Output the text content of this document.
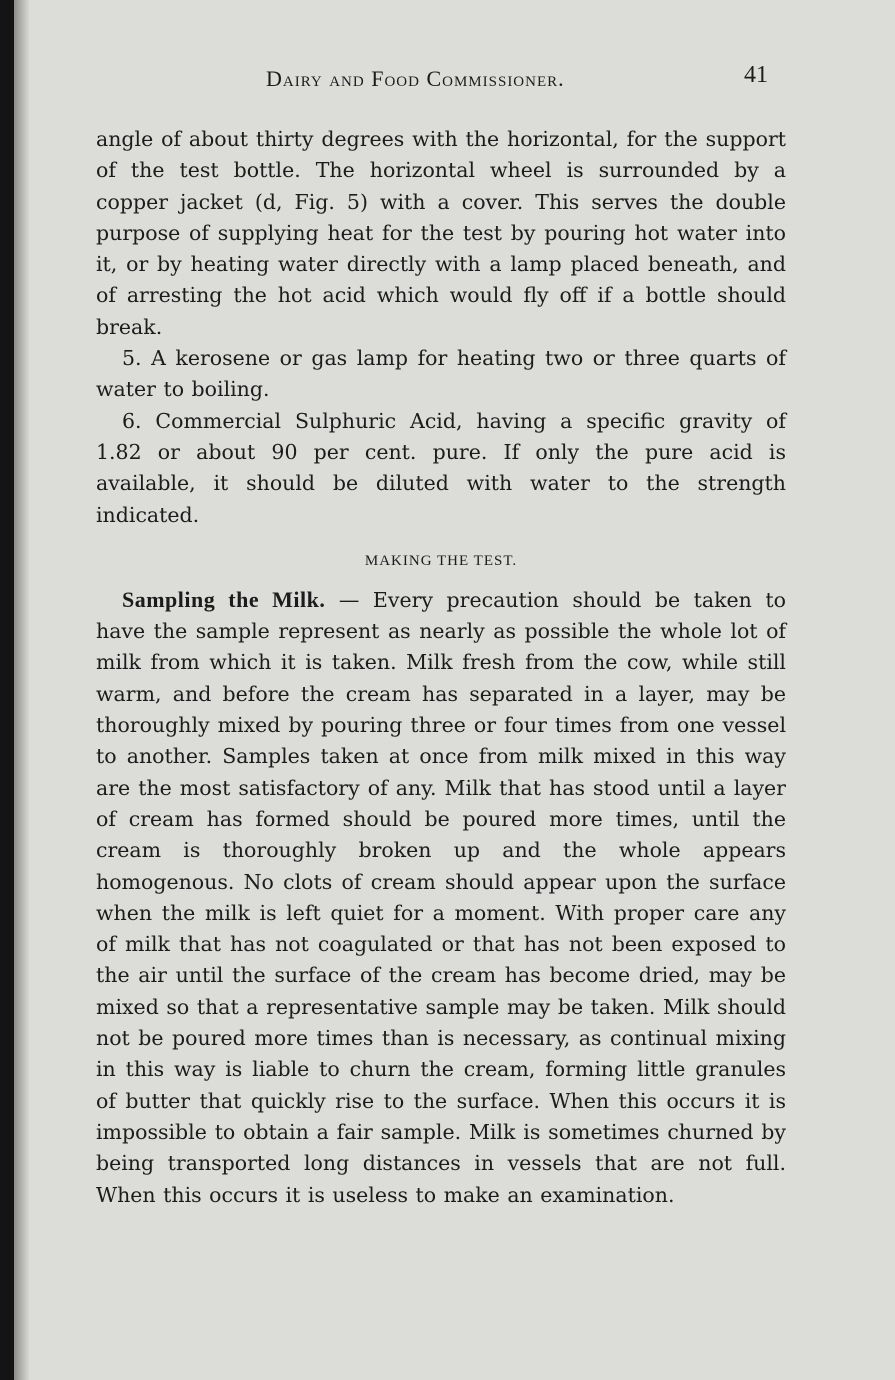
Dairy and Food Commissioner.	41

angle of about thirty degrees with the horizontal, for the support of the test bottle. The horizontal wheel is surrounded by a copper jacket (d, Fig. 5) with a cover. This serves the double purpose of supplying heat for the test by pouring hot water into it, or by heating water directly with a lamp placed beneath, and of arresting the hot acid which would fly off if a bottle should break.

5. A kerosene or gas lamp for heating two or three quarts of water to boiling.

6. Commercial Sulphuric Acid, having a specific gravity of 1.82 or about 90 per cent. pure. If only the pure acid is available, it should be diluted with water to the strength indicated.

MAKING THE TEST.

Sampling the Milk. — Every precaution should be taken to have the sample represent as nearly as possible the whole lot of milk from which it is taken. Milk fresh from the cow, while still warm, and before the cream has separated in a layer, may be thoroughly mixed by pouring three or four times from one vessel to another. Samples taken at once from milk mixed in this way are the most satisfactory of any. Milk that has stood until a layer of cream has formed should be poured more times, until the cream is thoroughly broken up and the whole appears homogenous. No clots of cream should appear upon the surface when the milk is left quiet for a moment. With proper care any of milk that has not coagulated or that has not been exposed to the air until the surface of the cream has become dried, may be mixed so that a representative sample may be taken. Milk should not be poured more times than is necessary, as continual mixing in this way is liable to churn the cream, forming little granules of butter that quickly rise to the surface. When this occurs it is impossible to obtain a fair sample. Milk is sometimes churned by being transported long distances in vessels that are not full. When this occurs it is useless to make an examination.
